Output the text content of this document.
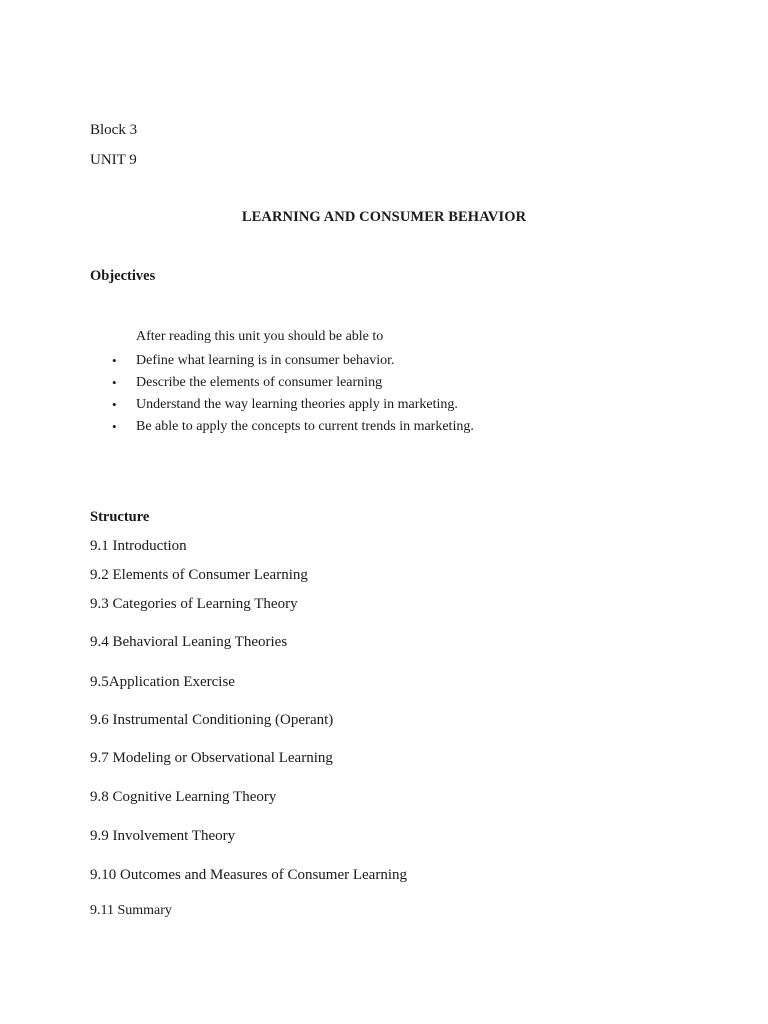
Block 3
UNIT 9
LEARNING AND CONSUMER BEHAVIOR
Objectives
After reading this unit you should be able to
•	Define what learning is in consumer behavior.
•	Describe the elements of consumer learning
•	Understand the way learning theories apply in marketing.
•	Be able to apply the concepts to current trends in marketing.
Structure
9.1 Introduction
9.2 Elements of Consumer Learning
9.3 Categories of Learning Theory
9.4 Behavioral Leaning Theories
9.5Application Exercise
9.6 Instrumental Conditioning (Operant)
9.7 Modeling or Observational Learning
9.8 Cognitive Learning Theory
9.9 Involvement Theory
9.10 Outcomes and Measures of Consumer Learning
9.11 Summary
